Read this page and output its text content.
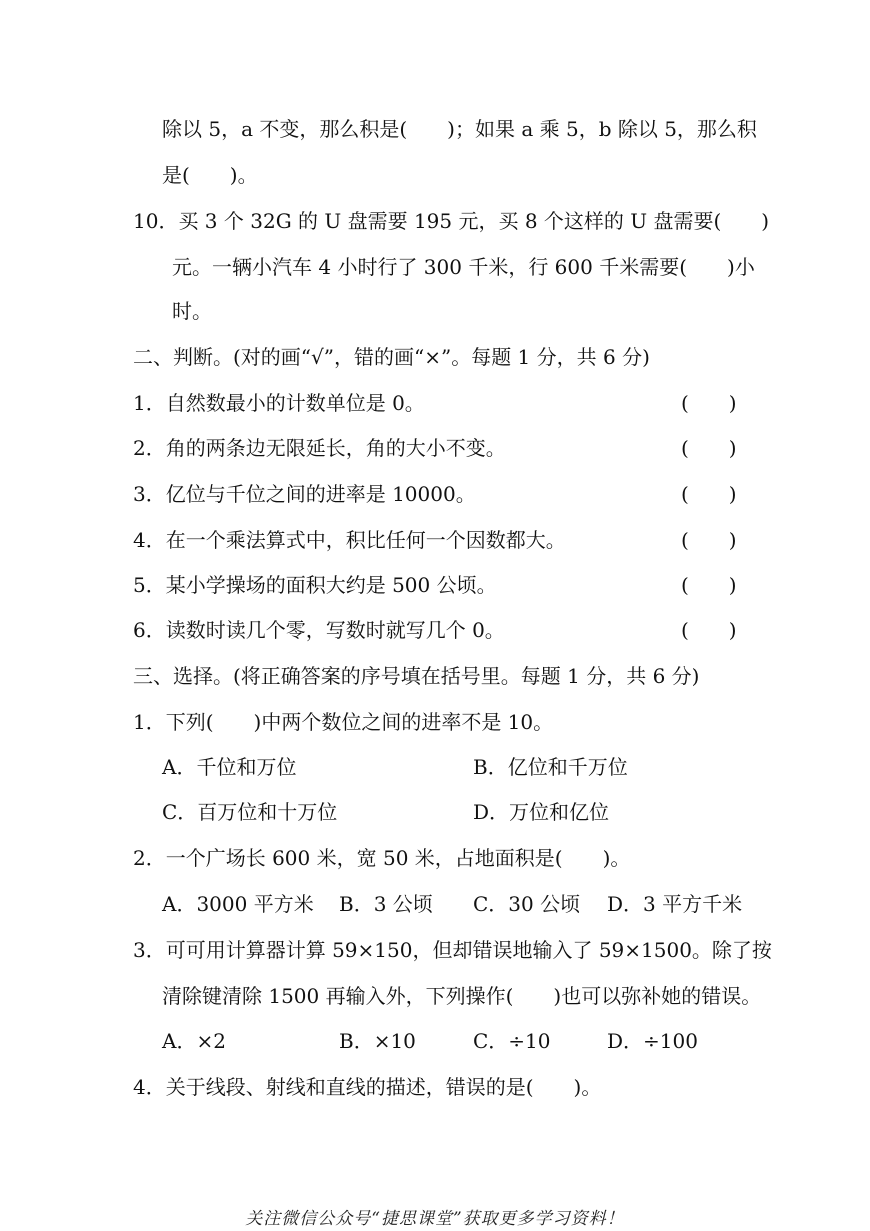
除以 5，a 不变，那么积是(　　)；如果 a 乘 5，b 除以 5，那么积
是(　　)。
10．买 3 个 32G 的 U 盘需要 195 元，买 8 个这样的 U 盘需要(　　)
元。一辆小汽车 4 小时行了 300 千米，行 600 千米需要(　　)小
时。
二、判断。(对的画“√”，错的画“×”。每题 1 分，共 6 分)
1．自然数最小的计数单位是 0。	(　　)
2．角的两条边无限延长，角的大小不变。	(　　)
3．亿位与千位之间的进率是 10000。	(　　)
4．在一个乘法算式中，积比任何一个因数都大。	(　　)
5．某小学操场的面积大约是 500 公顷。	(　　)
6．读数时读几个零，写数时就写几个 0。	(　　)
三、选择。(将正确答案的序号填在括号里。每题 1 分，共 6 分)
1．下列(　　)中两个数位之间的进率不是 10。
A．千位和万位	B．亿位和千万位
C．百万位和十万位	D．万位和亿位
2．一个广场长 600 米，宽 50 米，占地面积是(　　)。
A．3000 平方米 B．3 公顷 C．30 公顷 D．3 平方千米
3．可可用计算器计算 59×150，但却错误地输入了 59×1500。除了按
清除键清除 1500 再输入外，下列操作(　　)也可以弥补她的错误。
A．×2	B．×10	C．÷10	D．÷100
4．关于线段、射线和直线的描述，错误的是(　　)。
关注微信公众号“捷思课堂”获取更多学习资料！
